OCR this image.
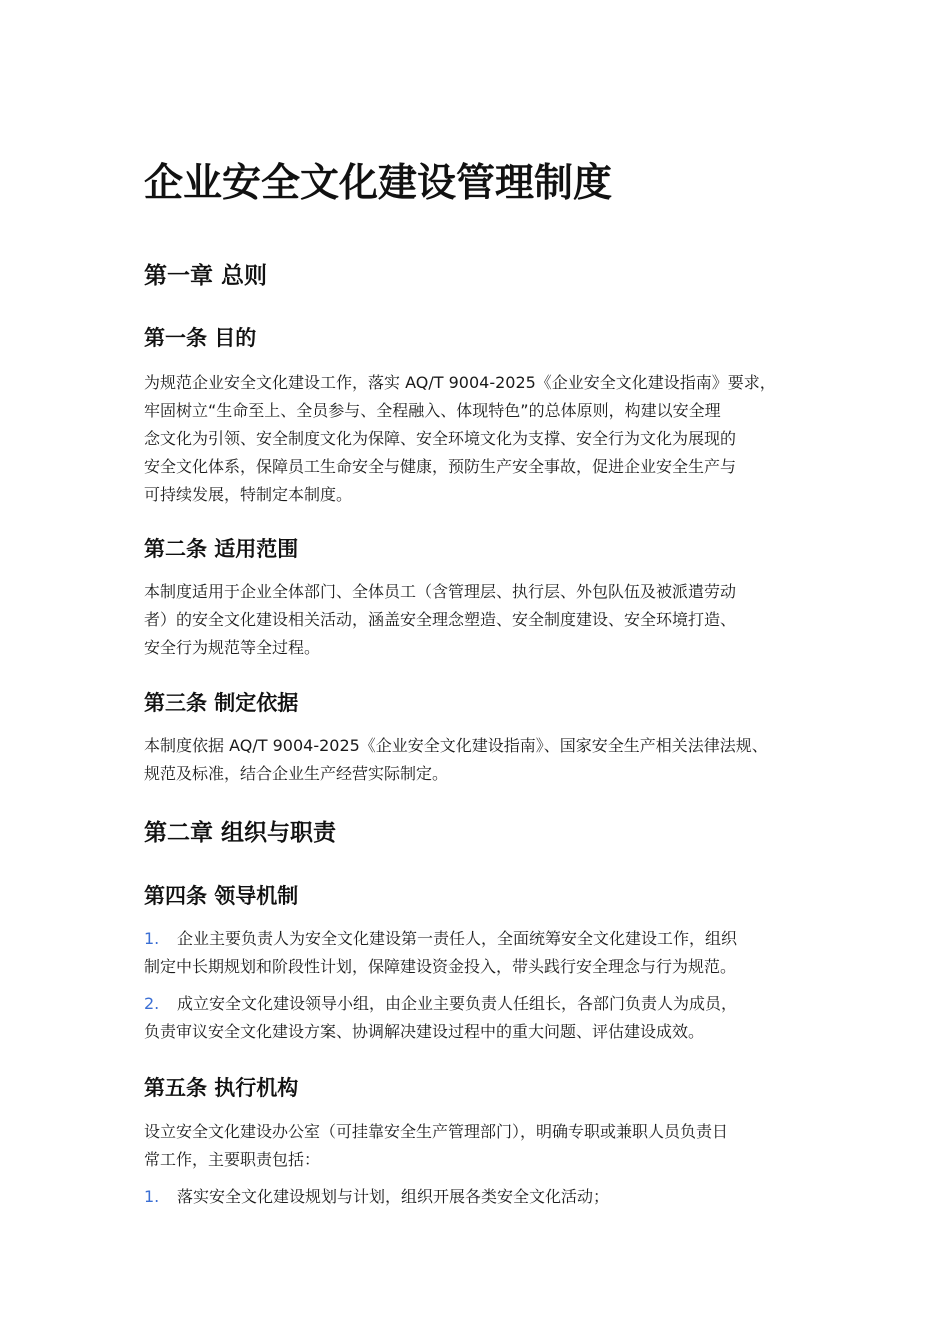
企业安全文化建设管理制度
第一章 总则
第一条 目的

为规范企业安全文化建设工作，落实 AQ/T 9004-2025《企业安全文化建设指南》要求，
牢固树立“生命至上、全员参与、全程融入、体现特色”的总体原则，构建以安全理
念文化为引领、安全制度文化为保障、安全环境文化为支撑、安全行为文化为展现的
安全文化体系，保障员工生命安全与健康，预防生产安全事故，促进企业安全生产与
可持续发展，特制定本制度。

第二条 适用范围

本制度适用于企业全体部门、全体员工（含管理层、执行层、外包队伍及被派遣劳动
者）的安全文化建设相关活动，涵盖安全理念塑造、安全制度建设、安全环境打造、
安全行为规范等全过程。

第三条 制定依据

本制度依据 AQ/T 9004-2025《企业安全文化建设指南》、国家安全生产相关法律法规、
规范及标准，结合企业生产经营实际制定。

第二章 组织与职责
第四条 领导机制

1. 企业主要负责人为安全文化建设第一责任人，全面统筹安全文化建设工作，组织
制定中长期规划和阶段性计划，保障建设资金投入，带头践行安全理念与行为规范。

2. 成立安全文化建设领导小组，由企业主要负责人任组长，各部门负责人为成员，
负责审议安全文化建设方案、协调解决建设过程中的重大问题、评估建设成效。

第五条 执行机构

设立安全文化建设办公室（可挂靠安全生产管理部门），明确专职或兼职人员负责日
常工作，主要职责包括：

1. 落实安全文化建设规划与计划，组织开展各类安全文化活动；
